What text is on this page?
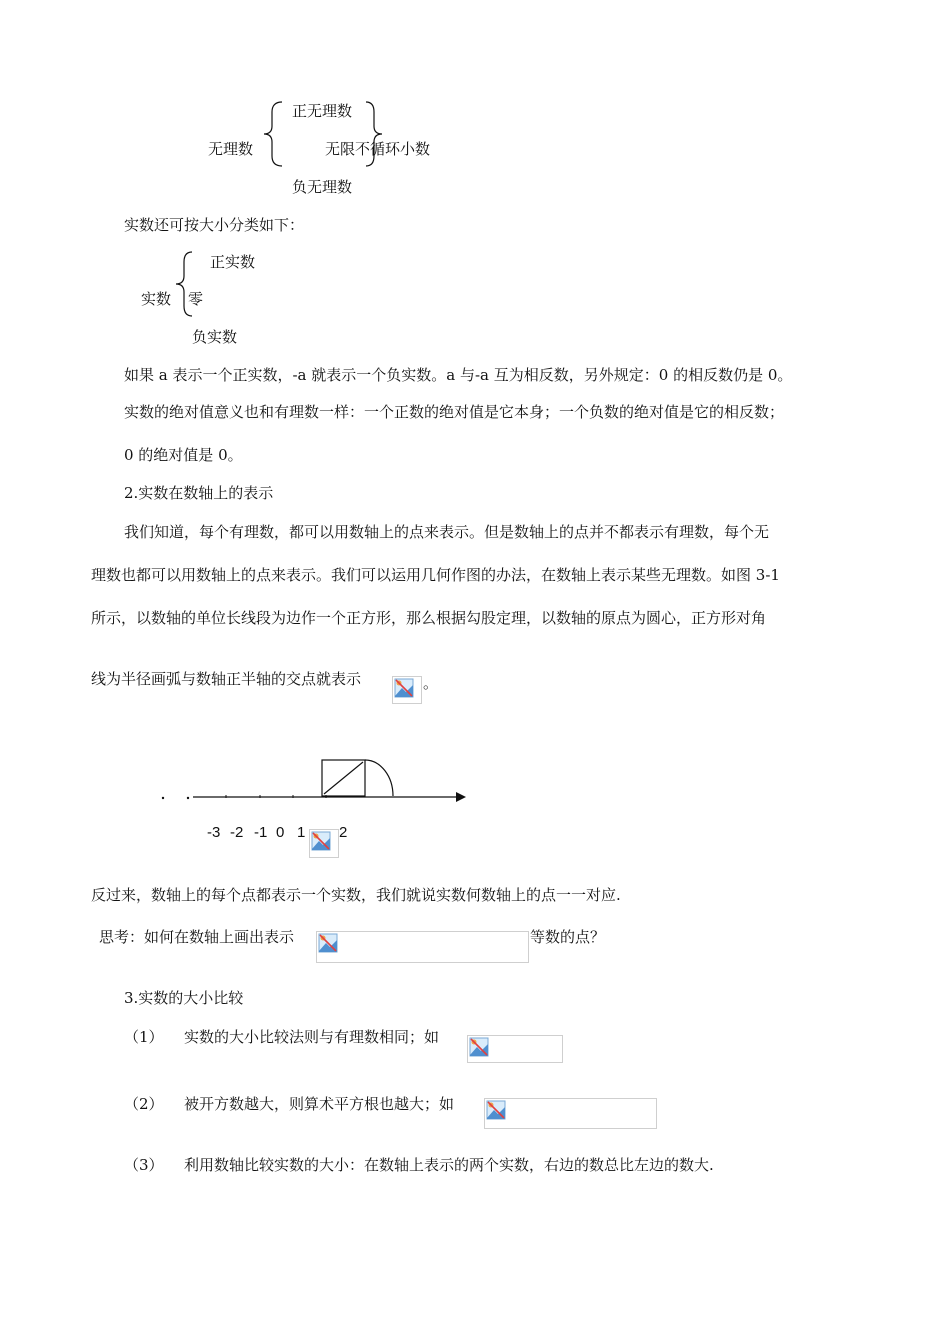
正无理数
无理数	无限不循环小数
负无理数
实数还可按大小分类如下：
正实数
实数 零
负实数
如果 a 表示一个正实数，-a 就表示一个负实数。a 与-a 互为相反数，另外规定：0 的相反数仍是 0。
实数的绝对值意义也和有理数一样：一个正数的绝对值是它本身；一个负数的绝对值是它的相反数；
0 的绝对值是 0。
2.实数在数轴上的表示
我们知道，每个有理数，都可以用数轴上的点来表示。但是数轴上的点并不都表示有理数，每个无
理数也都可以用数轴上的点来表示。我们可以运用几何作图的办法，在数轴上表示某些无理数。如图 3-1
所示，以数轴的单位长线段为边作一个正方形，那么根据勾股定理，以数轴的原点为圆心，正方形对角
线为半径画弧与数轴正半轴的交点就表示	。
-3 -2 -1 0 1 2
反过来，数轴上的每个点都表示一个实数，我们就说实数何数轴上的点一一对应.
思考：如何在数轴上画出表示	等数的点？
3.实数的大小比较
（1） 实数的大小比较法则与有理数相同；如
（2） 被开方数越大，则算术平方根也越大；如
（3） 利用数轴比较实数的大小：在数轴上表示的两个实数，右边的数总比左边的数大.
